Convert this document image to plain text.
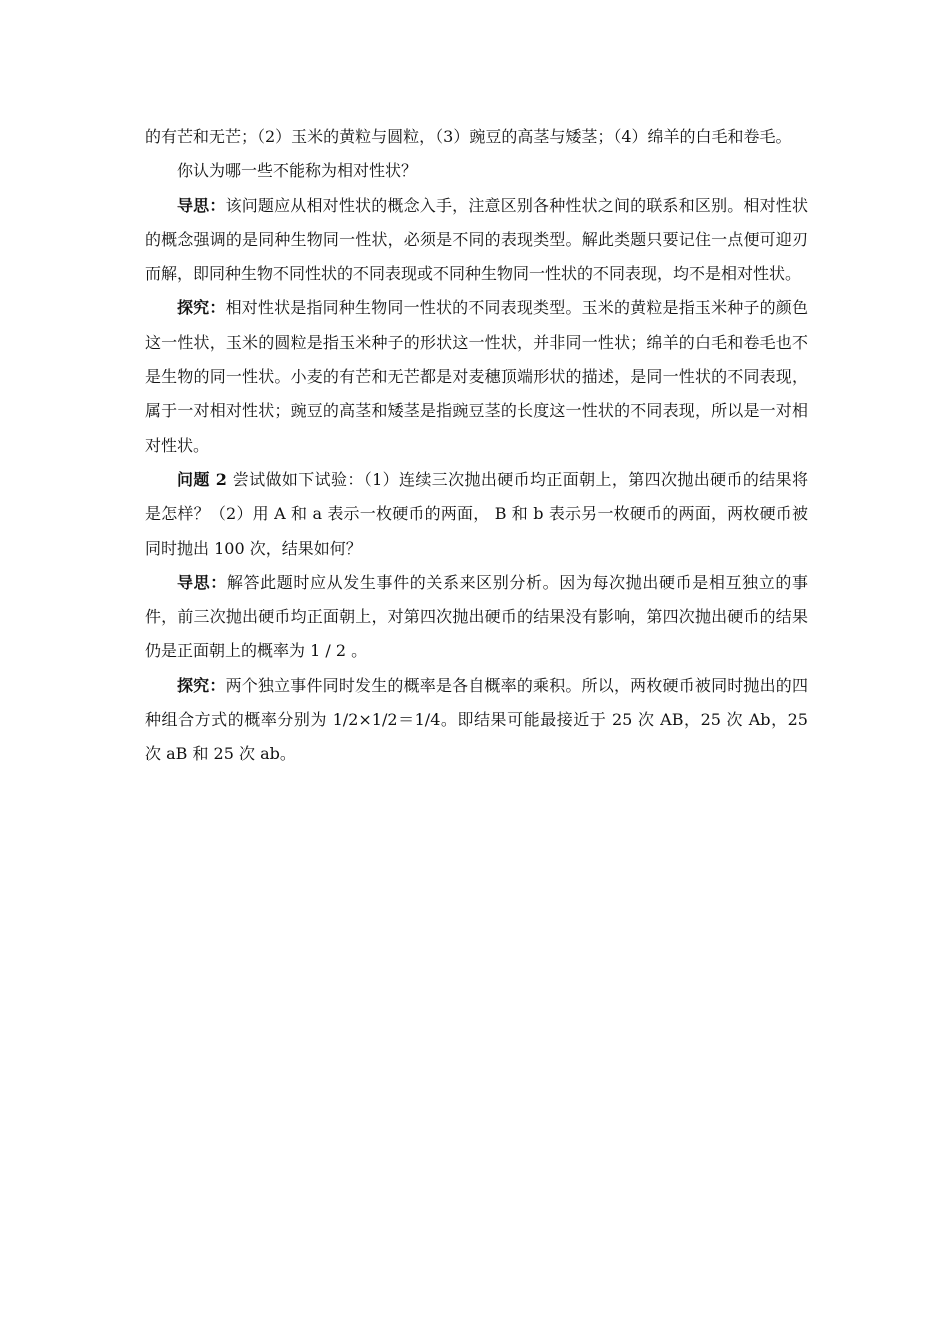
的有芒和无芒；（2）玉米的黄粒与圆粒，（3）豌豆的高茎与矮茎；（4）绵羊的白毛和卷毛。

你认为哪一些不能称为相对性状？

导思：该问题应从相对性状的概念入手，注意区别各种性状之间的联系和区别。相对性状的概念强调的是同种生物同一性状，必须是不同的表现类型。解此类题只要记住一点便可迎刃而解，即同种生物不同性状的不同表现或不同种生物同一性状的不同表现，均不是相对性状。

探究：相对性状是指同种生物同一性状的不同表现类型。玉米的黄粒是指玉米种子的颜色这一性状，玉米的圆粒是指玉米种子的形状这一性状，并非同一性状；绵羊的白毛和卷毛也不是生物的同一性状。小麦的有芒和无芒都是对麦穗顶端形状的描述，是同一性状的不同表现，属于一对相对性状；豌豆的高茎和矮茎是指豌豆茎的长度这一性状的不同表现，所以是一对相对性状。

问题 2 尝试做如下试验：（1）连续三次抛出硬币均正面朝上，第四次抛出硬币的结果将是怎样？（2）用 A 和 a 表示一枚硬币的两面， B 和 b 表示另一枚硬币的两面，两枚硬币被同时抛出 100 次，结果如何？

导思：解答此题时应从发生事件的关系来区别分析。因为每次抛出硬币是相互独立的事件，前三次抛出硬币均正面朝上，对第四次抛出硬币的结果没有影响，第四次抛出硬币的结果仍是正面朝上的概率为 1 / 2 。

探究：两个独立事件同时发生的概率是各自概率的乘积。所以，两枚硬币被同时抛出的四种组合方式的概率分别为 1/2×1/2＝1/4。即结果可能最接近于 25 次 AB，25 次 Ab，25 次 aB 和 25 次 ab。
